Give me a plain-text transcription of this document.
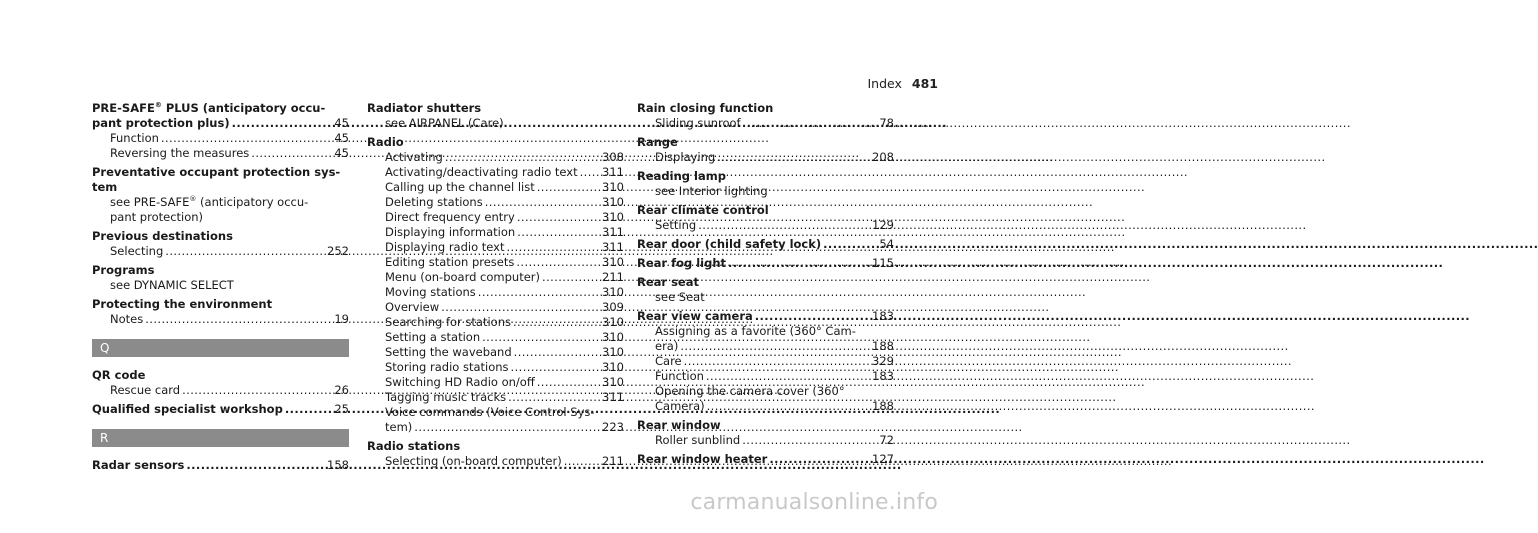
Index 481
PRE-SAFE® PLUS (anticipatory occu-
pant protection plus) .....	45
Function .....	45
Reversing the measures .....	45
Preventative occupant protection sys-
tem
see PRE-SAFE® (anticipatory occu-
pant protection)
Previous destinations
Selecting .....	252
Programs
see DYNAMIC SELECT
Protecting the environment
Notes .....	19
Q
QR code
Rescue card .....	26
Qualified specialist workshop .....	25
R
Radar sensors .....	158
Radiator shutters
see AIRPANEL (Care)
Radio
Activating .....	308
Activating/deactivating radio text ..... 311
Calling up the channel list .....	310
Deleting stations .....	310
Direct frequency entry .....	310
Displaying information .....	311
Displaying radio text .....	311
Editing station presets .....	310
Menu (on-board computer) .....	211
Moving stations .....	310
Overview .....	309
Searching for stations .....	310
Setting a station .....	310
Setting the waveband .....	310
Storing radio stations .....	310
Switching HD Radio on/off .....	310
Tagging music tracks .....	311
Voice commands (Voice Control Sys-
tem) .....	223
Radio stations
Selecting (on-board computer) .....	211
Rain closing function
Sliding sunroof .....	78
Range
Displaying .....	208
Reading lamp
see Interior lighting
Rear climate control
Setting .....	129
Rear door (child safety lock) .....	54
Rear fog light .....	115
Rear seat
see Seat
Rear view camera .....	183
Assigning as a favorite (360° Cam-
era) .....	188
Care .....	329
Function .....	183
Opening the camera cover (360°
Camera) .....	188
Rear window
Roller sunblind .....	72
Rear window heater .....	127
carmanualsonline.info
